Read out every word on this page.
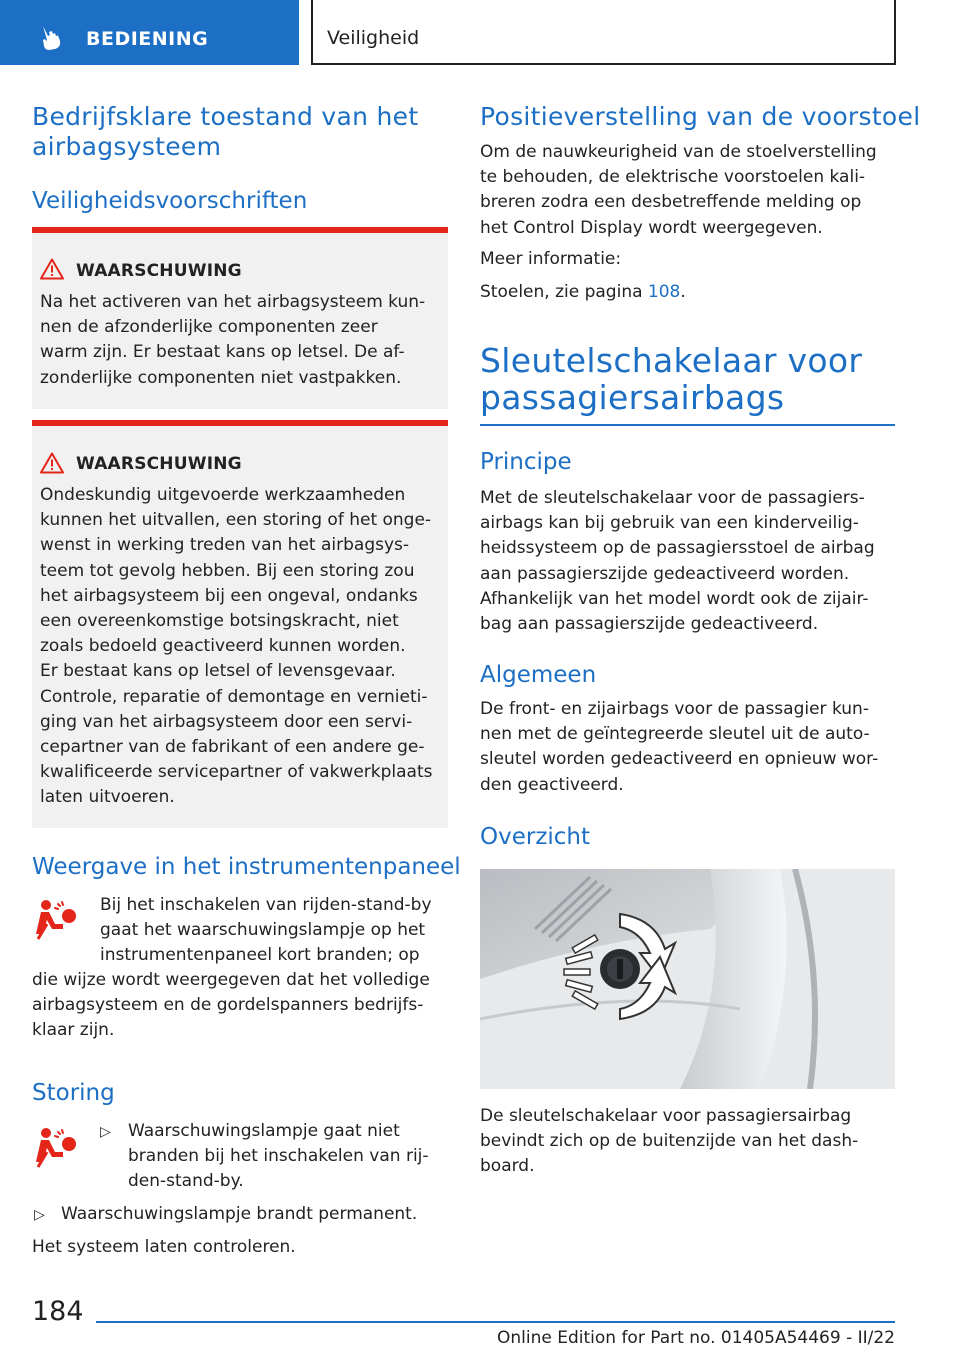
BEDIENING	Veiligheid
Bedrijfsklare toestand van het
airbagsysteem
Veiligheidsvoorschriften
WAARSCHUWING
Na het activeren van het airbagsysteem kun-
nen de afzonderlijke componenten zeer
warm zijn. Er bestaat kans op letsel. De af-
zonderlijke componenten niet vastpakken.
WAARSCHUWING
Ondeskundig uitgevoerde werkzaamheden
kunnen het uitvallen, een storing of het onge-
wenst in werking treden van het airbagsys-
teem tot gevolg hebben. Bij een storing zou
het airbagsysteem bij een ongeval, ondanks
een overeenkomstige botsingskracht, niet
zoals bedoeld geactiveerd kunnen worden.
Er bestaat kans op letsel of levensgevaar.
Controle, reparatie of demontage en vernieti-
ging van het airbagsysteem door een servi-
cepartner van de fabrikant of een andere ge-
kwalificeerde servicepartner of vakwerkplaats
laten uitvoeren.
Weergave in het instrumentenpaneel
Bij het inschakelen van rijden-stand-by
gaat het waarschuwingslampje op het
instrumentenpaneel kort branden; op
die wijze wordt weergegeven dat het volledige
airbagsysteem en de gordelspanners bedrijfs-
klaar zijn.
Storing
▷ Waarschuwingslampje gaat niet
branden bij het inschakelen van rij-
den-stand-by.
▷ Waarschuwingslampje brandt permanent.
Het systeem laten controleren.
Positieverstelling van de voorstoel
Om de nauwkeurigheid van de stoelverstelling
te behouden, de elektrische voorstoelen kali-
breren zodra een desbetreffende melding op
het Control Display wordt weergegeven.
Meer informatie:
Stoelen, zie pagina 108.
Sleutelschakelaar voor
passagiersairbags
Principe
Met de sleutelschakelaar voor de passagiers-
airbags kan bij gebruik van een kinderveilig-
heidssysteem op de passagiersstoel de airbag
aan passagierszijde gedeactiveerd worden.
Afhankelijk van het model wordt ook de zijair-
bag aan passagierszijde gedeactiveerd.
Algemeen
De front- en zijairbags voor de passagier kun-
nen met de geïntegreerde sleutel uit de auto-
sleutel worden gedeactiveerd en opnieuw wor-
den geactiveerd.
Overzicht
De sleutelschakelaar voor passagiersairbag
bevindt zich op de buitenzijde van het dash-
board.
184
Online Edition for Part no. 01405A54469 - II/22
